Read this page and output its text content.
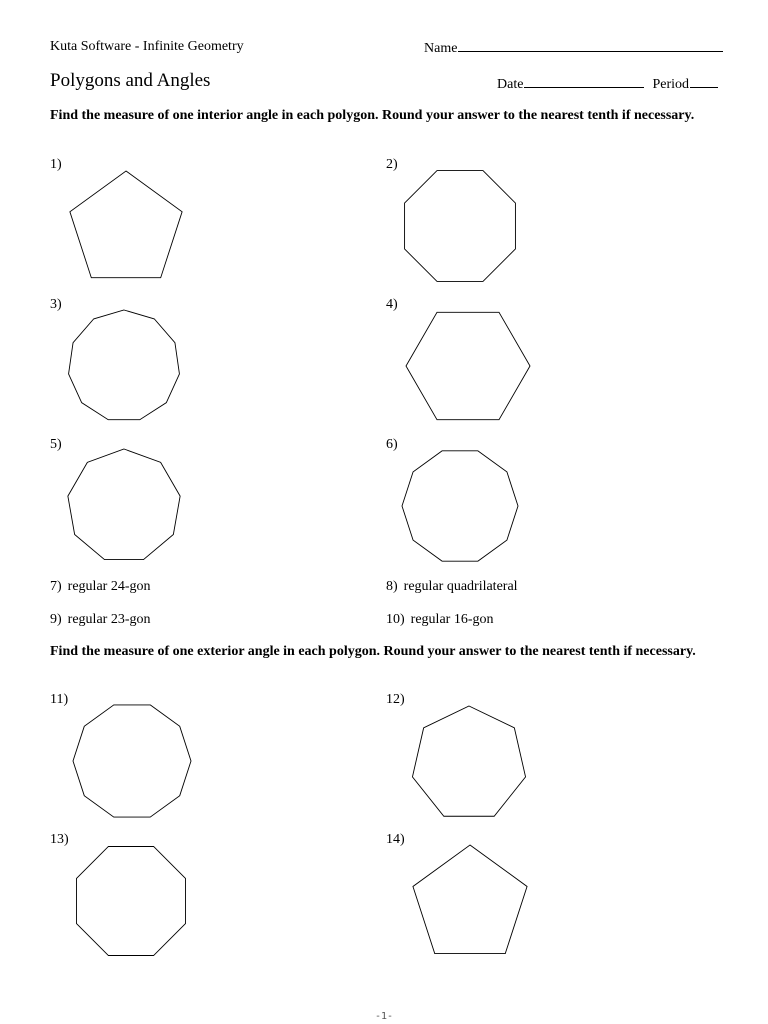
Kuta Software - Infinite Geometry	Name
Polygons and Angles	Date	Period
Find the measure of one interior angle in each polygon. Round your answer to the nearest tenth if necessary.
1)	2)
3)	4)
5)	6)
7) regular 24-gon	8) regular quadrilateral
9) regular 23-gon	10) regular 16-gon
Find the measure of one exterior angle in each polygon. Round your answer to the nearest tenth if necessary.
11)	12)
13)	14)
-1-
